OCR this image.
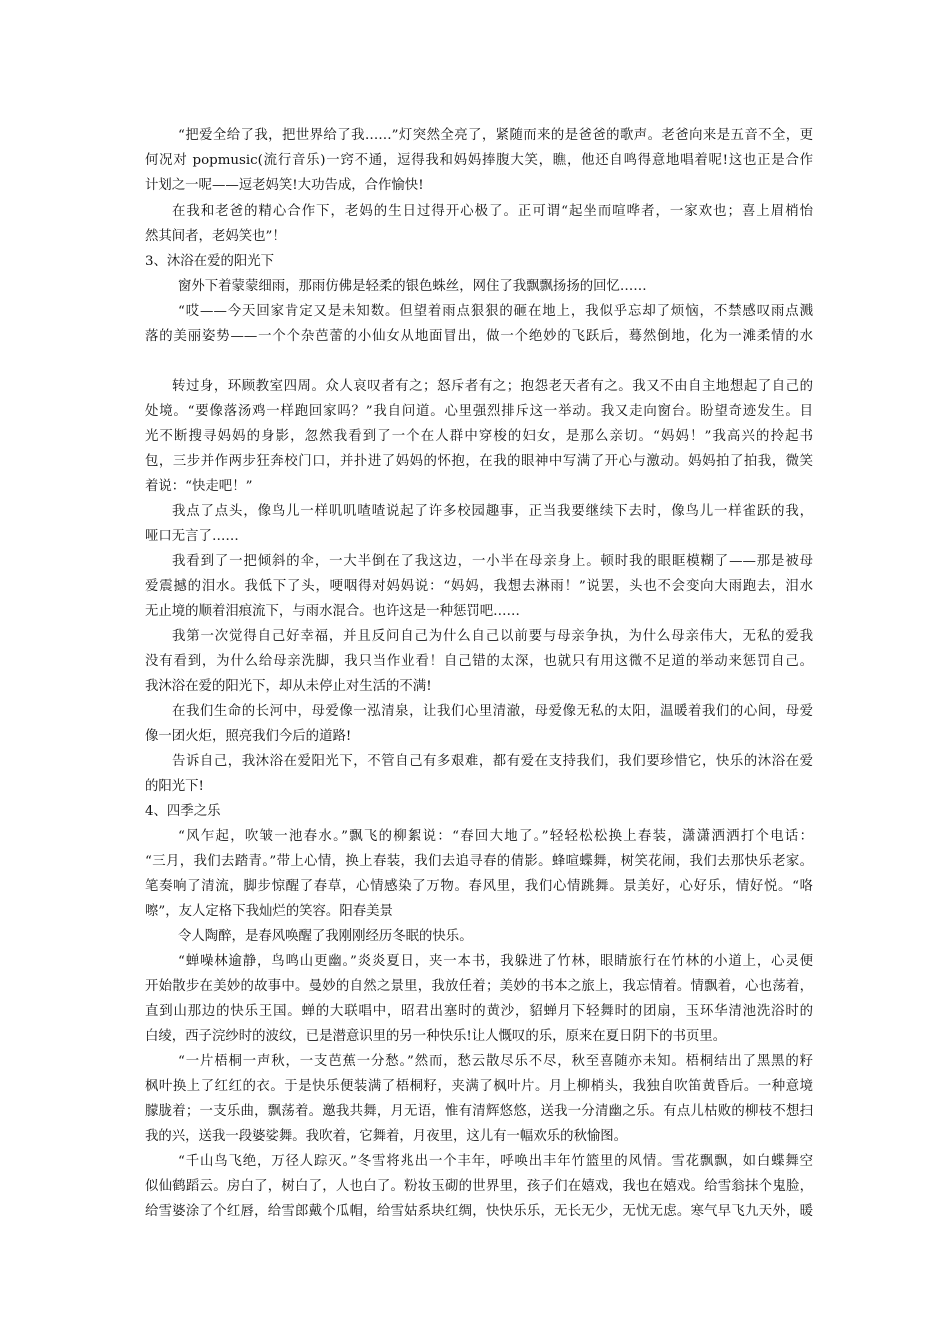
“把爱全给了我，把世界给了我……”灯突然全亮了，紧随而来的是爸爸的歌声。老爸向来是五音不全，更
何况对 popmusic(流行音乐)一窍不通，逗得我和妈妈捧腹大笑，瞧，他还自鸣得意地唱着呢!这也正是合作
计划之一呢——逗老妈笑!大功告成，合作愉快!
在我和老爸的精心合作下，老妈的生日过得开心极了。正可谓“起坐而喧哗者，一家欢也；喜上眉梢怡
然其间者，老妈笑也”！
3、沐浴在爱的阳光下
窗外下着蒙蒙细雨，那雨仿佛是轻柔的银色蛛丝，网住了我飘飘扬扬的回忆……
“哎——今天回家肯定又是未知数。但望着雨点狠狠的砸在地上，我似乎忘却了烦恼，不禁感叹雨点溅
落的美丽姿势——一个个杂芭蕾的小仙女从地面冒出，做一个绝妙的飞跃后，蓦然倒地，化为一滩柔情的水
转过身，环顾教室四周。众人哀叹者有之；怒斥者有之；抱怨老天者有之。我又不由自主地想起了自己的
处境。“要像落汤鸡一样跑回家吗？”我自问道。心里强烈排斥这一举动。我又走向窗台。盼望奇迹发生。目
光不断搜寻妈妈的身影，忽然我看到了一个在人群中穿梭的妇女，是那么亲切。“妈妈！”我高兴的拎起书
包，三步并作两步狂奔校门口，并扑进了妈妈的怀抱，在我的眼神中写满了开心与激动。妈妈拍了拍我，微笑
着说：“快走吧！”
我点了点头，像鸟儿一样叽叽喳喳说起了许多校园趣事，正当我要继续下去时，像鸟儿一样雀跃的我，
哑口无言了……
我看到了一把倾斜的伞，一大半倒在了我这边，一小半在母亲身上。顿时我的眼眶模糊了——那是被母
爱震撼的泪水。我低下了头，哽咽得对妈妈说：“妈妈，我想去淋雨！”说罢，头也不会变向大雨跑去，泪水
无止境的顺着泪痕流下，与雨水混合。也许这是一种惩罚吧……
我第一次觉得自己好幸福，并且反问自己为什么自己以前要与母亲争执，为什么母亲伟大，无私的爱我
没有看到，为什么给母亲洗脚，我只当作业看！自己错的太深，也就只有用这微不足道的举动来惩罚自己。
我沐浴在爱的阳光下，却从未停止对生活的不满!
在我们生命的长河中，母爱像一泓清泉，让我们心里清澈，母爱像无私的太阳，温暖着我们的心间，母爱
像一团火炬，照亮我们今后的道路!
告诉自己，我沐浴在爱阳光下，不管自己有多艰难，都有爱在支持我们，我们要珍惜它，快乐的沐浴在爱
的阳光下!
4、四季之乐
“风乍起，吹皱一池春水。”飘飞的柳絮说：“春回大地了。”轻轻松松换上春装，潇潇洒洒打个电话：
“三月，我们去踏青。”带上心情，换上春装，我们去追寻春的倩影。蜂喧蝶舞，树笑花闹，我们去那快乐老家。
笔奏响了清流，脚步惊醒了春草，心情感染了万物。春风里，我们心情跳舞。景美好，心好乐，情好悦。“咯
嚓”，友人定格下我灿烂的笑容。阳春美景
令人陶醉，是春风唤醒了我刚刚经历冬眠的快乐。
“蝉噪林逾静，鸟鸣山更幽。”炎炎夏日，夹一本书，我躲进了竹林，眼睛旅行在竹林的小道上，心灵便
开始散步在美妙的故事中。曼妙的自然之景里，我放任着；美妙的书本之旅上，我忘情着。情飘着，心也荡着，
直到山那边的快乐王国。蝉的大联唱中，昭君出塞时的黄沙，貂蝉月下轻舞时的团扇，玉环华清池洗浴时的
白绫，西子浣纱时的波纹，已是潜意识里的另一种快乐!让人慨叹的乐，原来在夏日阴下的书页里。
“一片梧桐一声秋，一支芭蕉一分愁。”然而，愁云散尽乐不尽，秋至喜随亦未知。梧桐结出了黑黑的籽
枫叶换上了红红的衣。于是快乐便装满了梧桐籽，夹满了枫叶片。月上柳梢头，我独自吹笛黄昏后。一种意境
朦胧着；一支乐曲，飘荡着。邀我共舞，月无语，惟有清辉悠悠，送我一分清幽之乐。有点儿枯败的柳枝不想扫
我的兴，送我一段婆娑舞。我吹着，它舞着，月夜里，这儿有一幅欢乐的秋愉图。
“千山鸟飞绝，万径人踪灭。”冬雪将兆出一个丰年，呼唤出丰年竹篮里的风情。雪花飘飘，如白蝶舞空
似仙鹤蹈云。房白了，树白了，人也白了。粉妆玉砌的世界里，孩子们在嬉戏，我也在嬉戏。给雪翁抹个鬼脸，
给雪婆涂了个红唇，给雪郎戴个瓜帽，给雪姑系块红绸，快快乐乐，无长无少，无忧无虑。寒气早飞九天外，暖
